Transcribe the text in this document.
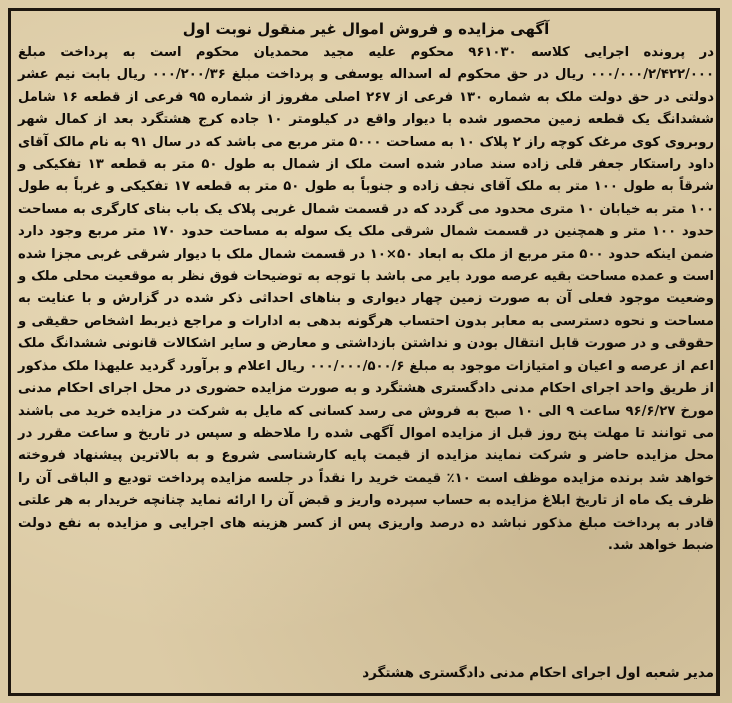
آگهی مزایده و فروش اموال غیر منقول نوبت اول

در پرونده اجرایی کلاسه ۹۶۱۰۳۰ محکوم علیه مجید محمدیان محکوم است به پرداخت مبلغ ۰۰۰/۰۰۰/۲/۴۲۲/۰۰۰ ریال در حق محکوم له اسداله یوسفی و پرداخت مبلغ ۰۰۰/۲۰۰/۳۶ ریال بابت نیم عشر دولتی در حق دولت ملک به شماره ۱۳۰ فرعی از ۲۶۷ اصلی مفروز از شماره ۹۵ فرعی از قطعه ۱۶ شامل ششدانگ یک قطعه زمین محصور شده با دیوار واقع در کیلومتر ۱۰ جاده کرج هشتگرد بعد از کمال شهر روبروی کوی مرغک کوچه راز ۲ پلاک ۱۰ به مساحت ۵۰۰۰ متر مربع می باشد که در سال ۹۱ به نام مالک آقای داود راستکار جعفر قلی زاده سند صادر شده است ملک از شمال به طول ۵۰ متر به قطعه ۱۳ تفکیکی و شرقاً به طول ۱۰۰ متر به ملک آقای نجف زاده و جنوباً به طول ۵۰ متر به قطعه ۱۷ تفکیکی و غرباً به طول ۱۰۰ متر به خیابان ۱۰ متری محدود می گردد که در قسمت شمال غربی پلاک یک باب بنای کارگری به مساحت حدود ۱۰۰ متر و همچنین در قسمت شمال شرقی ملک یک سوله به مساحت حدود ۱۷۰ متر مربع وجود دارد ضمن اینکه حدود ۵۰۰ متر مربع از ملک به ابعاد ۵۰×۱۰ در قسمت شمال ملک با دیوار شرقی غربی مجزا شده است و عمده مساحت بقیه عرصه مورد بایر می باشد با توجه به توضیحات فوق نظر به موقعیت محلی ملک و وضعیت موجود فعلی آن به صورت زمین چهار دیواری و بناهای احداثی ذکر شده در گزارش و با عنایت به مساحت و نحوه دسترسی به معابر بدون احتساب هرگونه بدهی به ادارات و مراجع ذیربط اشخاص حقیقی و حقوقی و در صورت قابل انتقال بودن و نداشتن بازداشتی و معارض و سایر اشکالات قانونی ششدانگ ملک اعم از عرصه و اعیان و امتیازات موجود به مبلغ ۰۰۰/۰۰۰/۵۰۰/۶ ریال اعلام و برآورد گردید علیهذا ملک مذکور از طریق واحد اجرای احکام مدنی دادگستری هشتگرد و به صورت مزایده حضوری در محل اجرای احکام مدنی مورخ ۹۶/۶/۲۷ ساعت ۹ الی ۱۰ صبح به فروش می رسد کسانی که مایل به شرکت در مزایده خرید می باشند می توانند تا مهلت پنج روز قبل از مزایده اموال آگهی شده را ملاحظه و سپس در تاریخ و ساعت مقرر در محل مزایده حاضر و شرکت نمایند مزایده از قیمت پایه کارشناسی شروع و به بالاترین پیشنهاد فروخته خواهد شد برنده مزایده موظف است ۱۰٪ قیمت خرید را نقداً در جلسه مزایده پرداخت تودیع و الباقی آن را ظرف یک ماه از تاریخ ابلاغ مزایده به حساب سپرده واریز و قبض آن را ارائه نماید چنانچه خریدار به هر علتی قادر به پرداخت مبلغ مذکور نباشد ده درصد واریزی پس از کسر هزینه های اجرایی و مزایده به نفع دولت ضبط خواهد شد.

مدیر شعبه اول اجرای احکام مدنی دادگستری هشتگرد
